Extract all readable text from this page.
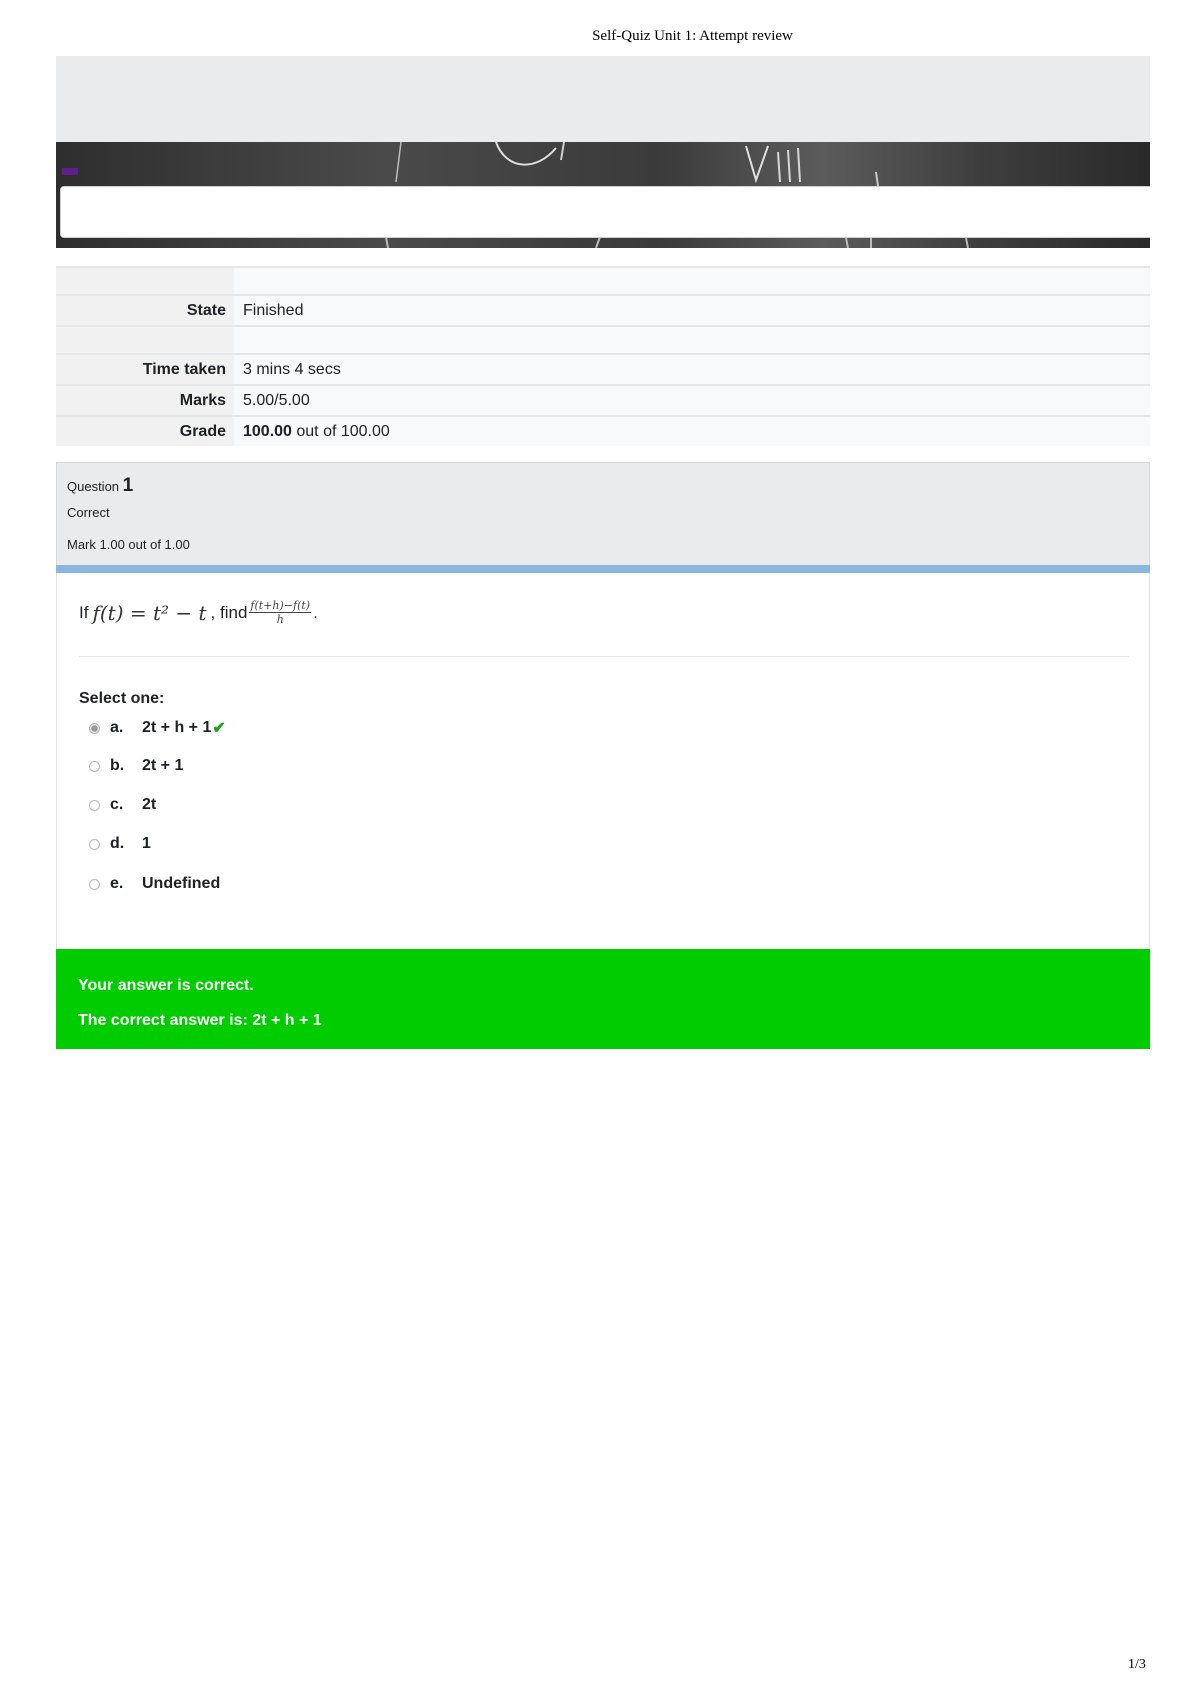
Self-Quiz Unit 1: Attempt review

State	Finished

Time taken	3 mins 4 secs
Marks	5.00/5.00
Grade	100.00 out of 100.00
Question 1
Correct
Mark 1.00 out of 1.00
If f(t) = t² − t , find $\frac{f(t+h)-f(t)}{h}$ .
Select one:
a.	2t + h + 1 ✔
b.	2t + 1
c.	2t
d.	1
e.	Undefined
Your answer is correct.
The correct answer is: 2t + h + 1
1/3
